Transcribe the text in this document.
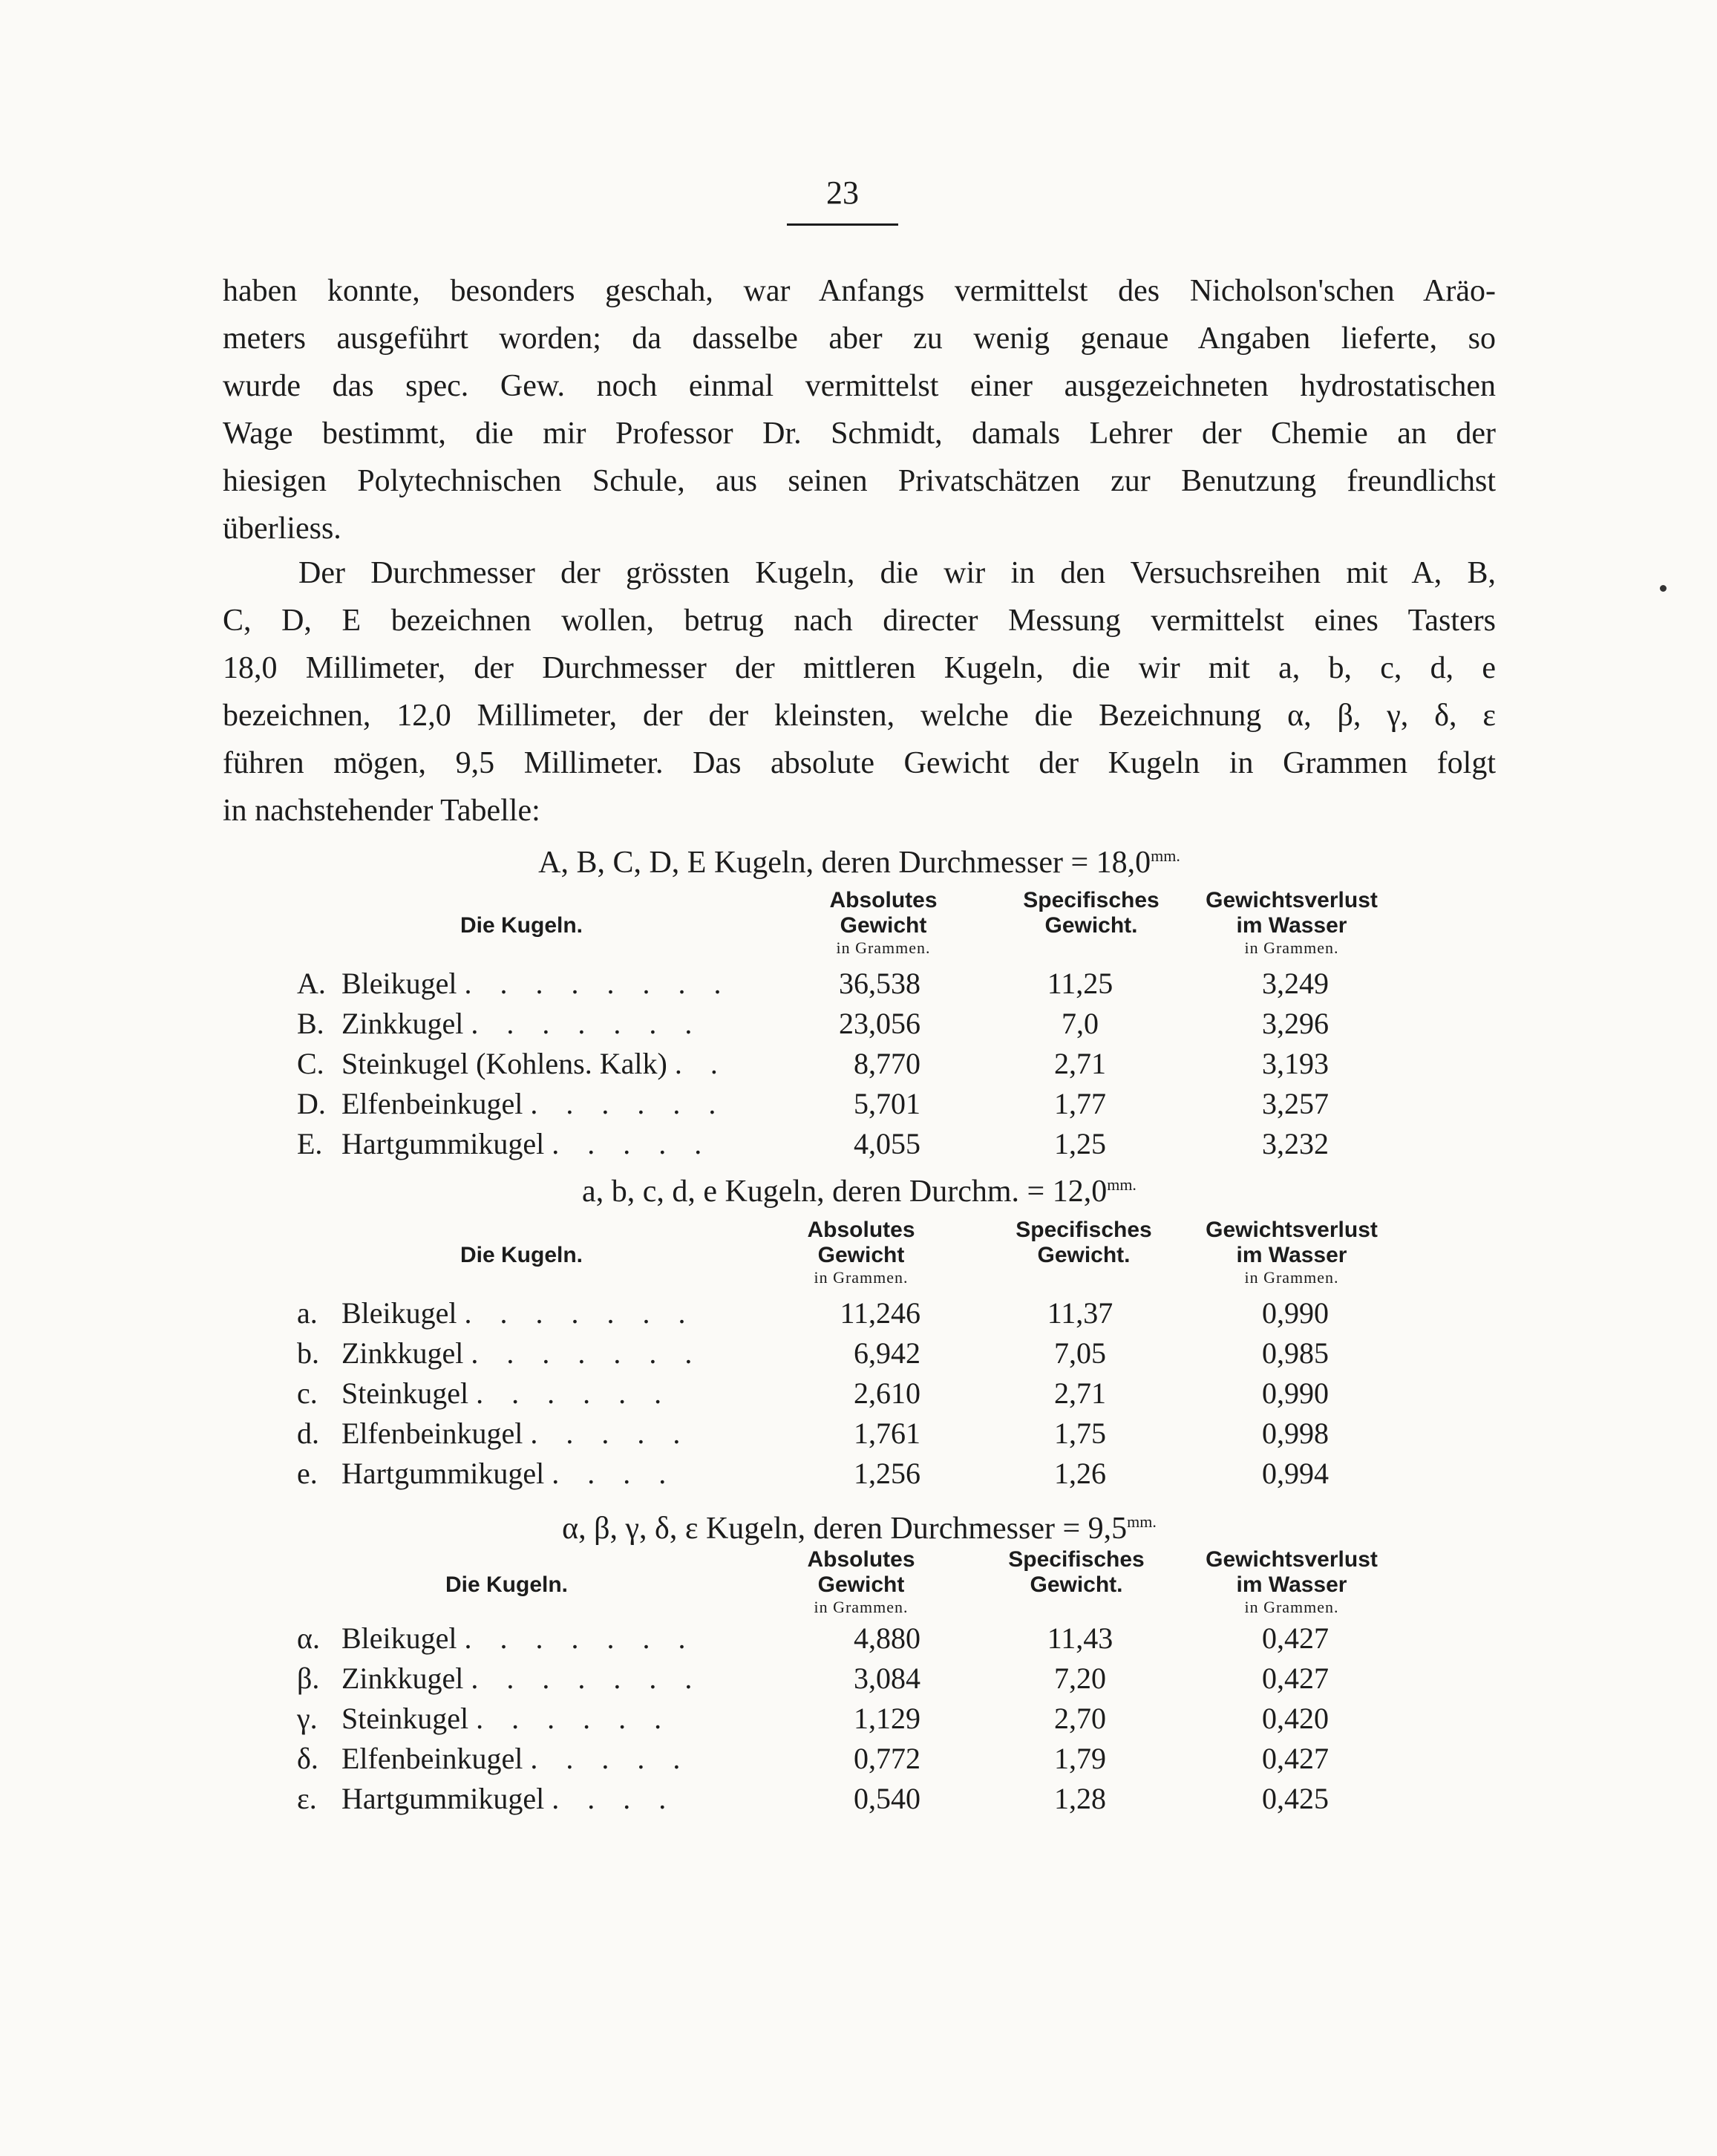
23
haben konnte, besonders geschah, war Anfangs vermittelst des Nicholson'schen Aräo-
meters ausgeführt worden; da dasselbe aber zu wenig genaue Angaben lieferte, so
wurde das spec. Gew. noch einmal vermittelst einer ausgezeichneten hydrostatischen
Wage bestimmt, die mir Professor Dr. Schmidt, damals Lehrer der Chemie an der
hiesigen Polytechnischen Schule, aus seinen Privatschätzen zur Benutzung freundlichst
überliess.
Der Durchmesser der grössten Kugeln, die wir in den Versuchsreihen mit A, B,
C, D, E bezeichnen wollen, betrug nach directer Messung vermittelst eines Tasters
18,0 Millimeter, der Durchmesser der mittleren Kugeln, die wir mit a, b, c, d, e
bezeichnen, 12,0 Millimeter, der der kleinsten, welche die Bezeichnung α, β, γ, δ, ε
führen mögen, 9,5 Millimeter. Das absolute Gewicht der Kugeln in Grammen folgt
in nachstehender Tabelle:
A, B, C, D, E Kugeln, deren Durchmesser = $18,0^{mm.}$
Die Kugeln.
Absolutes
Gewicht
in Grammen.
Specifisches
Gewicht.
Gewichtsverlust
im Wasser
in Grammen.
A. Bleikugel . . . . . . . .	36,538	11,25	3,249
B. Zinkkugel . . . . . . .	23,056	7,0	3,296
C. Steinkugel (Kohlens. Kalk) . .	8,770	2,71	3,193
D. Elfenbeinkugel . . . . . .	5,701	1,77	3,257
E. Hartgummikugel . . . . .	4,055	1,25	3,232
a, b, c, d, e Kugeln, deren Durchm. = $12,0^{mm.}$
Die Kugeln.
Absolutes
Gewicht
in Grammen.
Specifisches
Gewicht.
Gewichtsverlust
im Wasser
in Grammen.
a. Bleikugel . . . . . . .	11,246	11,37	0,990
b. Zinkkugel . . . . . . .	6,942	7,05	0,985
c. Steinkugel . . . . . .	2,610	2,71	0,990
d. Elfenbeinkugel . . . . .	1,761	1,75	0,998
e. Hartgummikugel . . . .	1,256	1,26	0,994
α, β, γ, δ, ε Kugeln, deren Durchmesser = $9,5^{mm.}$
Die Kugeln.
Absolutes
Gewicht
in Grammen.
Specifisches
Gewicht.
Gewichtsverlust
im Wasser
in Grammen.
α. Bleikugel . . . . . . .	4,880	11,43	0,427
β. Zinkkugel . . . . . . .	3,084	7,20	0,427
γ. Steinkugel . . . . . .	1,129	2,70	0,420
δ. Elfenbeinkugel . . . . .	0,772	1,79	0,427
ε. Hartgummikugel . . . .	0,540	1,28	0,425
